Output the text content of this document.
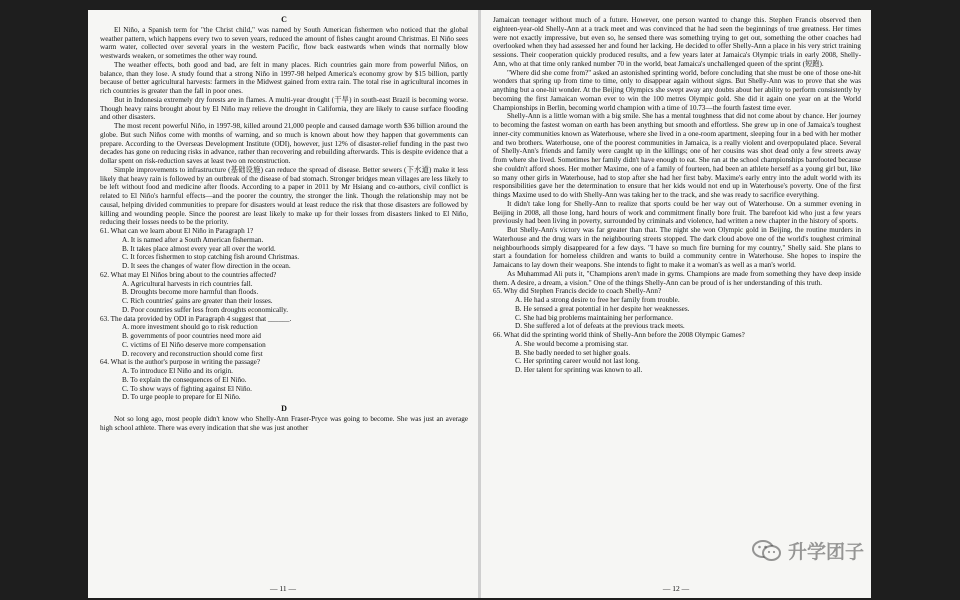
C

El Niño, a Spanish term for "the Christ child," was named by South American fishermen who noticed that the global weather pattern, which happens every two to seven years, reduced the amount of fishes caught around Christmas. El Niño sees warm water, collected over several years in the western Pacific, flow back eastwards when winds that normally blow westwards weaken, or sometimes the other way round.

The weather effects, both good and bad, are felt in many places. Rich countries gain more from powerful Niños, on balance, than they lose. A study found that a strong Niño in 1997-98 helped America's economy grow by $15 billion, partly because of better agricultural harvests: farmers in the Midwest gained from extra rain. The total rise in agricultural incomes in rich countries is greater than the fall in poor ones.

But in Indonesia extremely dry forests are in flames. A multi-year drought (干旱) in south-east Brazil is becoming worse. Though heavy rains brought about by El Niño may relieve the drought in California, they are likely to cause surface flooding and other disasters.

The most recent powerful Niño, in 1997-98, killed around 21,000 people and caused damage worth $36 billion around the globe. But such Niños come with months of warning, and so much is known about how they happen that governments can prepare. According to the Overseas Development Institute (ODI), however, just 12% of disaster-relief funding in the past two decades has gone on reducing risks in advance, rather than recovering and rebuilding afterwards. This is despite evidence that a dollar spent on risk-reduction saves at least two on reconstruction.

Simple improvements to infrastructure (基础设施) can reduce the spread of disease. Better sewers (下水道) make it less likely that heavy rain is followed by an outbreak of the disease of bad stomach. Stronger bridges mean villages are less likely to be left without food and medicine after floods. According to a paper in 2011 by Mr Hsiang and co-authors, civil conflict is related to El Niño's harmful effects—and the poorer the country, the stronger the link. Though the relationship may not be causal, helping divided communities to prepare for disasters would at least reduce the risk that those disasters are followed by killing and wounding people. Since the poorest are least likely to make up for their losses from disasters linked to El Niño, reducing their losses needs to be the priority.

61. What can we learn about El Niño in Paragraph 1?
A. It is named after a South American fisherman.
B. It takes place almost every year all over the world.
C. It forces fishermen to stop catching fish around Christmas.
D. It sees the changes of water flow direction in the ocean.
62. What may El Niños bring about to the countries affected?
A. Agricultural harvests in rich countries fall.
B. Droughts become more harmful than floods.
C. Rich countries' gains are greater than their losses.
D. Poor countries suffer less from droughts economically.
63. The data provided by ODI in Paragraph 4 suggest that ______.
A. more investment should go to risk reduction
B. governments of poor countries need more aid
C. victims of El Niño deserve more compensation
D. recovery and reconstruction should come first
64. What is the author's purpose in writing the passage?
A. To introduce El Niño and its origin.
B. To explain the consequences of El Niño.
C. To show ways of fighting against El Niño.
D. To urge people to prepare for El Niño.
D

Not so long ago, most people didn't know who Shelly-Ann Fraser-Pryce was going to become. She was just an average high school athlete. There was every indication that she was just another

— 11 —

Jamaican teenager without much of a future. However, one person wanted to change this. Stephen Francis observed then eighteen-year-old Shelly-Ann at a track meet and was convinced that he had seen the beginnings of true greatness. Her times were not exactly impressive, but even so, he sensed there was something trying to get out, something the other coaches had overlooked when they had assessed her and found her lacking. He decided to offer Shelly-Ann a place in his very strict training sessions. Their cooperation quickly produced results, and a few years later at Jamaica's Olympic trials in early 2008, Shelly-Ann, who at that time only ranked number 70 in the world, beat Jamaica's unchallenged queen of the sprint (短跑).

"Where did she come from?" asked an astonished sprinting world, before concluding that she must be one of those one-hit wonders that spring up from time to time, only to disappear again without signs. But Shelly-Ann was to prove that she was anything but a one-hit wonder. At the Beijing Olympics she swept away any doubts about her ability to perform consistently by becoming the first Jamaican woman ever to win the 100 metres Olympic gold. She did it again one year on at the World Championships in Berlin, becoming world champion with a time of 10.73—the fourth fastest time ever.

Shelly-Ann is a little woman with a big smile. She has a mental toughness that did not come about by chance. Her journey to becoming the fastest woman on earth has been anything but smooth and effortless. She grew up in one of Jamaica's toughest inner-city communities known as Waterhouse, where she lived in a one-room apartment, sleeping four in a bed with her mother and two brothers. Waterhouse, one of the poorest communities in Jamaica, is a really violent and overpopulated place. Several of Shelly-Ann's friends and family were caught up in the killings; one of her cousins was shot dead only a few streets away from where she lived. Sometimes her family didn't have enough to eat. She ran at the school championships barefooted because she couldn't afford shoes. Her mother Maxime, one of a family of fourteen, had been an athlete herself as a young girl but, like so many other girls in Waterhouse, had to stop after she had her first baby. Maxime's early entry into the adult world with its responsibilities gave her the determination to ensure that her kids would not end up in Waterhouse's poverty. One of the first things Maxime used to do with Shelly-Ann was taking her to the track, and she was ready to sacrifice everything.

It didn't take long for Shelly-Ann to realize that sports could be her way out of Waterhouse. On a summer evening in Beijing in 2008, all those long, hard hours of work and commitment finally bore fruit. The barefoot kid who just a few years previously had been living in poverty, surrounded by criminals and violence, had written a new chapter in the history of sports.

But Shelly-Ann's victory was far greater than that. The night she won Olympic gold in Beijing, the routine murders in Waterhouse and the drug wars in the neighbouring streets stopped. The dark cloud above one of the world's toughest criminal neighbourhoods simply disappeared for a few days. "I have so much fire burning for my country," Shelly said. She plans to start a foundation for homeless children and wants to build a community centre in Waterhouse. She hopes to inspire the Jamaicans to lay down their weapons. She intends to fight to make it a woman's as well as a man's world.

As Muhammad Ali puts it, "Champions aren't made in gyms. Champions are made from something they have deep inside them. A desire, a dream, a vision." One of the things Shelly-Ann can be proud of is her understanding of this truth.

65. Why did Stephen Francis decide to coach Shelly-Ann?
A. He had a strong desire to free her family from trouble.
B. He sensed a great potential in her despite her weaknesses.
C. She had big problems maintaining her performance.
D. She suffered a lot of defeats at the previous track meets.
66. What did the sprinting world think of Shelly-Ann before the 2008 Olympic Games?
A. She would become a promising star.
B. She badly needed to set higher goals.
C. Her sprinting career would not last long.
D. Her talent for sprinting was known to all.
— 12 —
升学团子
